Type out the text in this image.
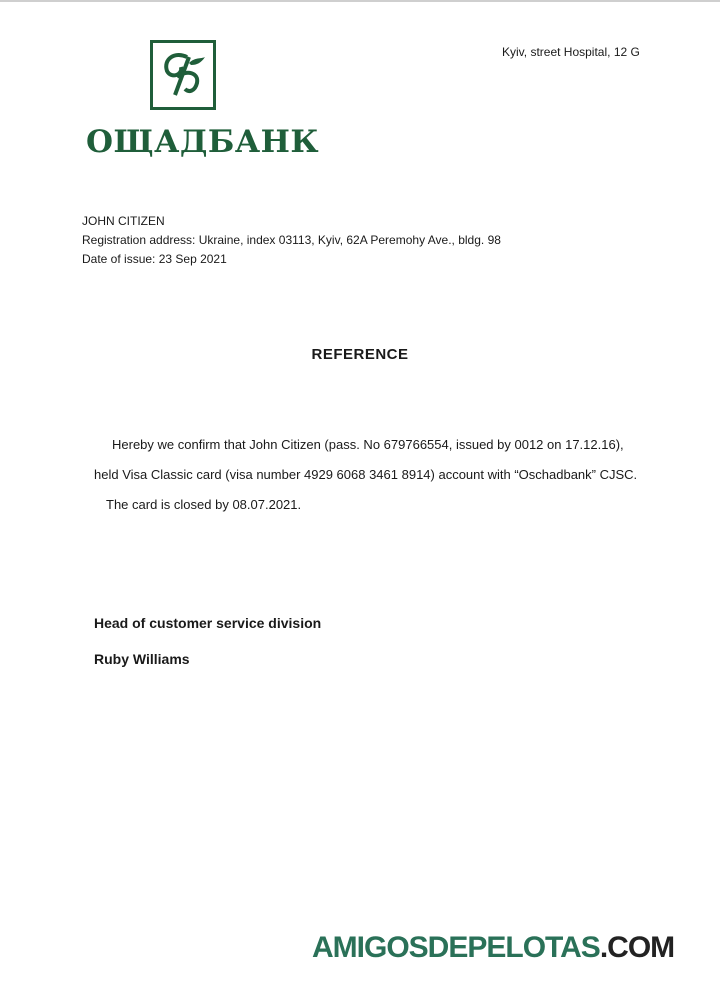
ОЩАДБАНК
Kyiv, street Hospital, 12 G
JOHN CITIZEN
Registration address: Ukraine, index 03113, Kyiv, 62A Peremohy Ave., bldg. 98
Date of issue: 23 Sep 2021
REFERENCE

Hereby we confirm that John Citizen (pass. No 679766554, issued by 0012 on 17.12.16),

held Visa Classic card (visa number 4929 6068 3461 8914) account with “Oschadbank” CJSC.

The card is closed by 08.07.2021.

Head of customer service division
Ruby Williams
AMIGOSDEPELOTAS.COM
